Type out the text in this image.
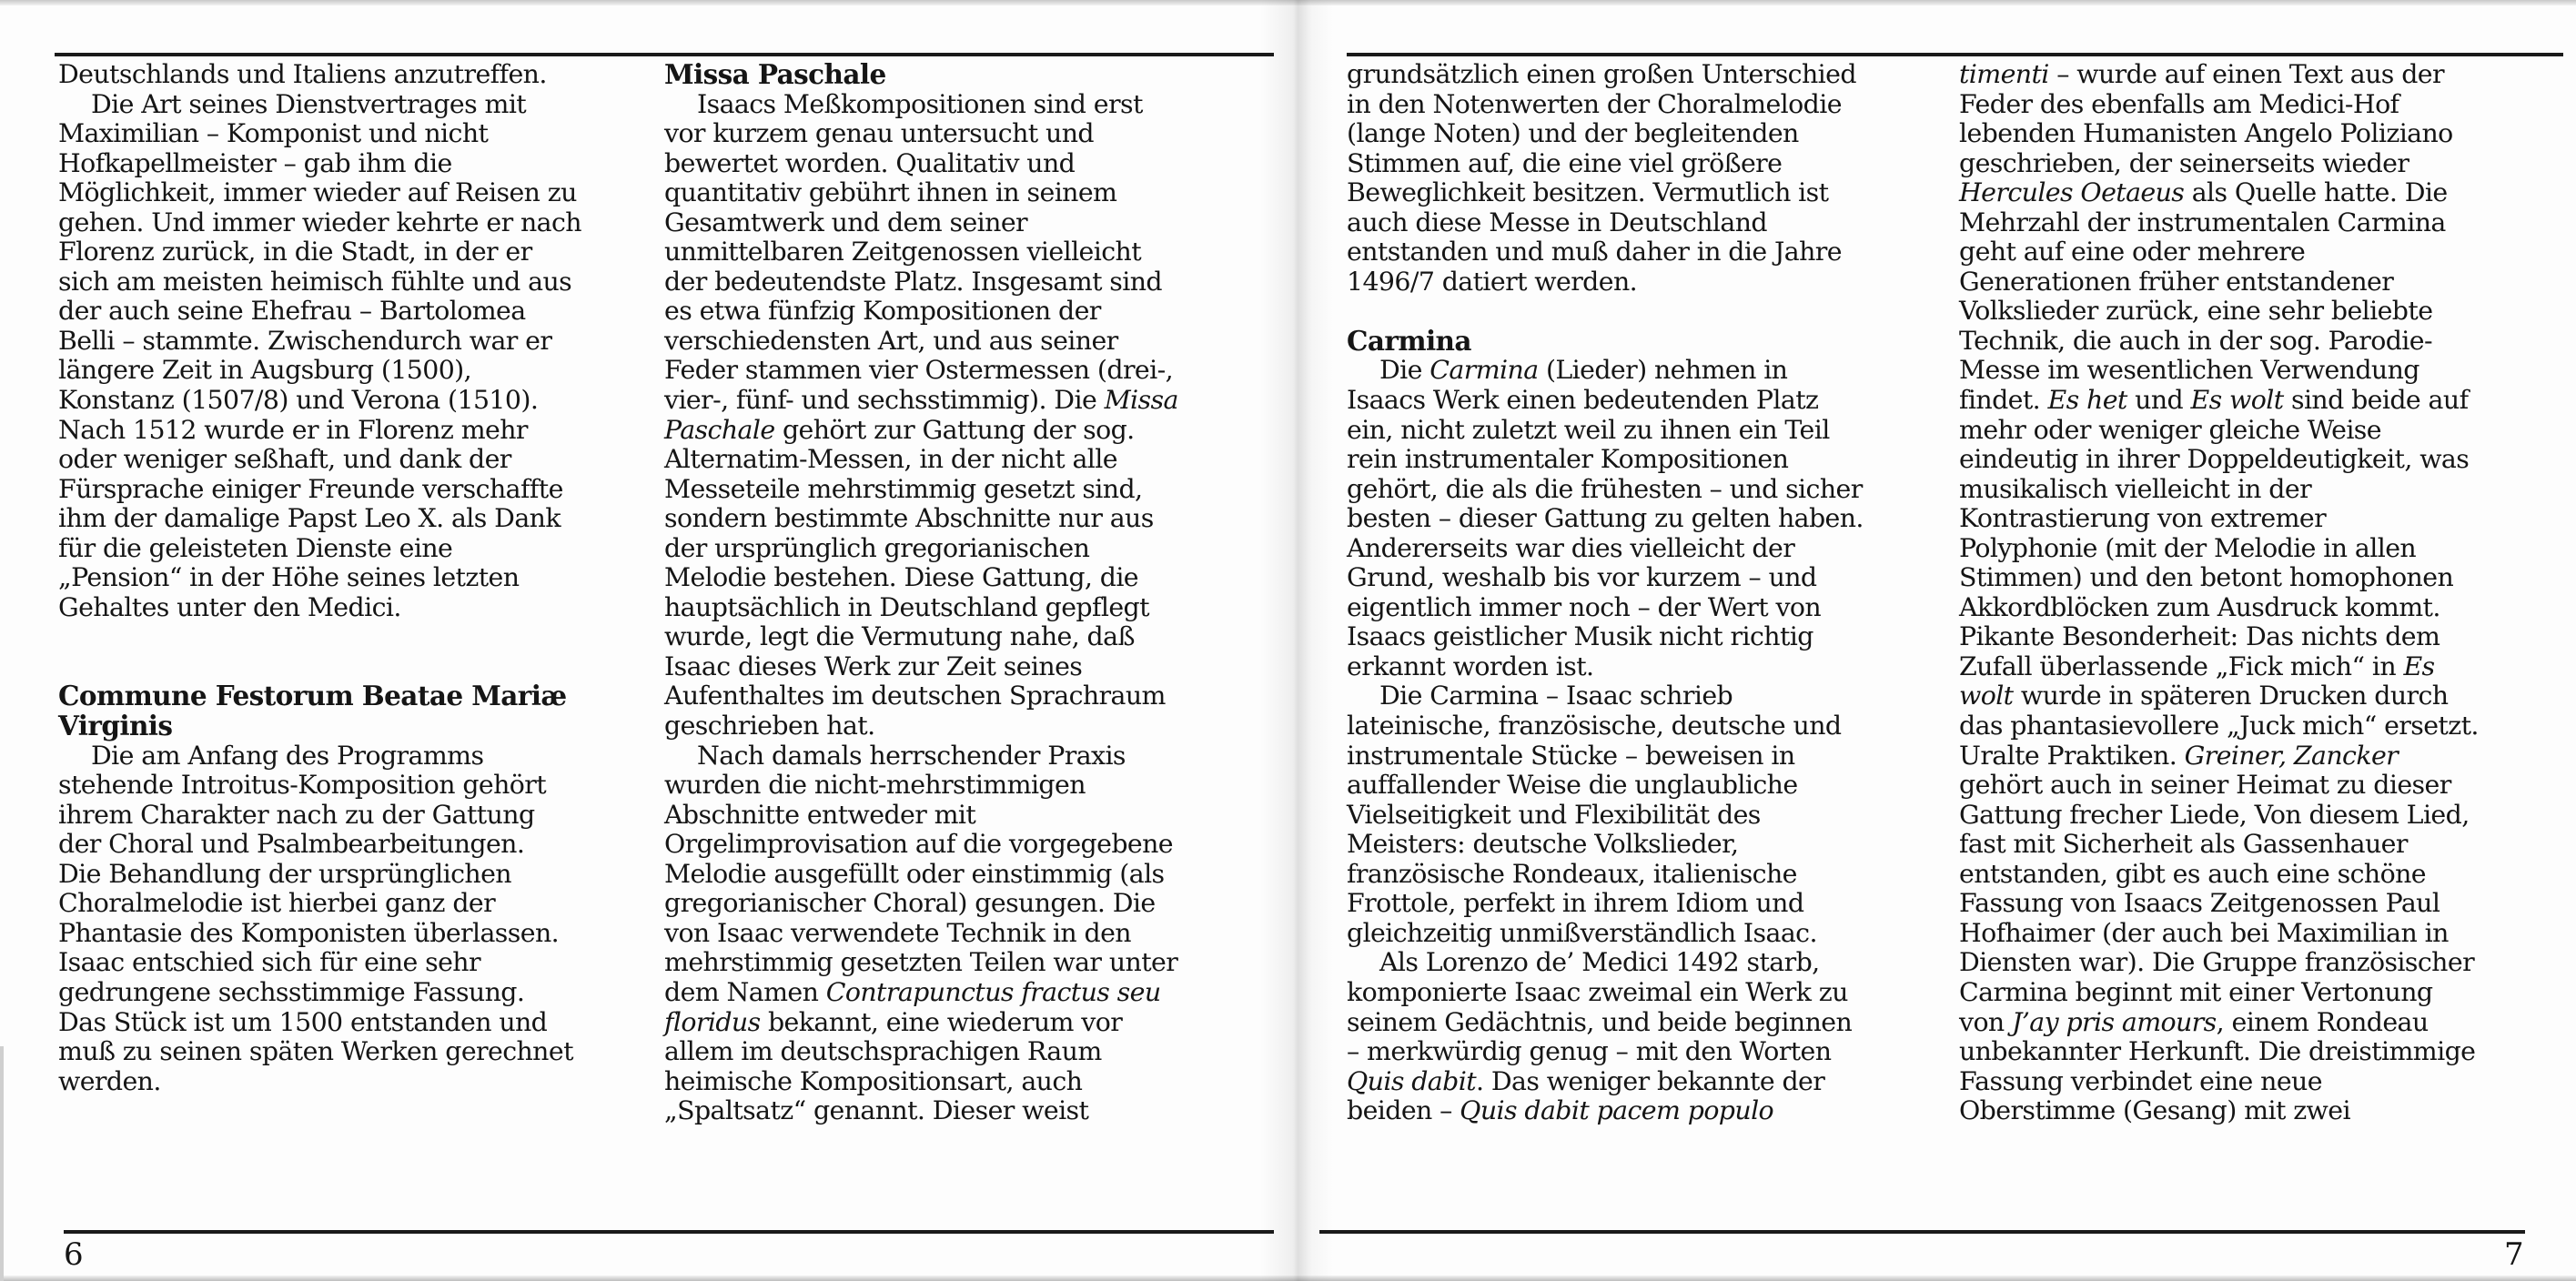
Deutschlands und Italiens anzutreffen.
Die Art seines Dienstvertrages mit
Maximilian – Komponist und nicht
Hofkapellmeister – gab ihm die
Möglichkeit, immer wieder auf Reisen zu
gehen. Und immer wieder kehrte er nach
Florenz zurück, in die Stadt, in der er
sich am meisten heimisch fühlte und aus
der auch seine Ehefrau – Bartolomea
Belli – stammte. Zwischendurch war er
längere Zeit in Augsburg (1500),
Konstanz (1507/8) und Verona (1510).
Nach 1512 wurde er in Florenz mehr
oder weniger seßhaft, und dank der
Fürsprache einiger Freunde verschaffte
ihm der damalige Papst Leo X. als Dank
für die geleisteten Dienste eine
„Pension“ in der Höhe seines letzten
Gehaltes unter den Medici.
Commune Festorum Beatae Mariæ
Virginis
Die am Anfang des Programms
stehende Introitus-Komposition gehört
ihrem Charakter nach zu der Gattung
der Choral und Psalmbearbeitungen.
Die Behandlung der ursprünglichen
Choralmelodie ist hierbei ganz der
Phantasie des Komponisten überlassen.
Isaac entschied sich für eine sehr
gedrungene sechsstimmige Fassung.
Das Stück ist um 1500 entstanden und
muß zu seinen späten Werken gerechnet
werden.
Missa Paschale
Isaacs Meßkompositionen sind erst
vor kurzem genau untersucht und
bewertet worden. Qualitativ und
quantitativ gebührt ihnen in seinem
Gesamtwerk und dem seiner
unmittelbaren Zeitgenossen vielleicht
der bedeutendste Platz. Insgesamt sind
es etwa fünfzig Kompositionen der
verschiedensten Art, und aus seiner
Feder stammen vier Ostermessen (drei-,
vier-, fünf- und sechsstimmig). Die Missa
Paschale gehört zur Gattung der sog.
Alternatim-Messen, in der nicht alle
Messeteile mehrstimmig gesetzt sind,
sondern bestimmte Abschnitte nur aus
der ursprünglich gregorianischen
Melodie bestehen. Diese Gattung, die
hauptsächlich in Deutschland gepflegt
wurde, legt die Vermutung nahe, daß
Isaac dieses Werk zur Zeit seines
Aufenthaltes im deutschen Sprachraum
geschrieben hat.
Nach damals herrschender Praxis
wurden die nicht-mehrstimmigen
Abschnitte entweder mit
Orgelimprovisation auf die vorgegebene
Melodie ausgefüllt oder einstimmig (als
gregorianischer Choral) gesungen. Die
von Isaac verwendete Technik in den
mehrstimmig gesetzten Teilen war unter
dem Namen Contrapunctus fractus seu
floridus bekannt, eine wiederum vor
allem im deutschsprachigen Raum
heimische Kompositionsart, auch
„Spaltsatz“ genannt. Dieser weist
6
grundsätzlich einen großen Unterschied
in den Notenwerten der Choralmelodie
(lange Noten) und der begleitenden
Stimmen auf, die eine viel größere
Beweglichkeit besitzen. Vermutlich ist
auch diese Messe in Deutschland
entstanden und muß daher in die Jahre
1496/7 datiert werden.
Carmina
Die Carmina (Lieder) nehmen in
Isaacs Werk einen bedeutenden Platz
ein, nicht zuletzt weil zu ihnen ein Teil
rein instrumentaler Kompositionen
gehört, die als die frühesten – und sicher
besten – dieser Gattung zu gelten haben.
Andererseits war dies vielleicht der
Grund, weshalb bis vor kurzem – und
eigentlich immer noch – der Wert von
Isaacs geistlicher Musik nicht richtig
erkannt worden ist.
Die Carmina – Isaac schrieb
lateinische, französische, deutsche und
instrumentale Stücke – beweisen in
auffallender Weise die unglaubliche
Vielseitigkeit und Flexibilität des
Meisters: deutsche Volkslieder,
französische Rondeaux, italienische
Frottole, perfekt in ihrem Idiom und
gleichzeitig unmißverständlich Isaac.
Als Lorenzo de’ Medici 1492 starb,
komponierte Isaac zweimal ein Werk zu
seinem Gedächtnis, und beide beginnen
– merkwürdig genug – mit den Worten
Quis dabit. Das weniger bekannte der
beiden – Quis dabit pacem populo
timenti – wurde auf einen Text aus der
Feder des ebenfalls am Medici-Hof
lebenden Humanisten Angelo Poliziano
geschrieben, der seinerseits wieder
Hercules Oetaeus als Quelle hatte. Die
Mehrzahl der instrumentalen Carmina
geht auf eine oder mehrere
Generationen früher entstandener
Volkslieder zurück, eine sehr beliebte
Technik, die auch in der sog. Parodie-
Messe im wesentlichen Verwendung
findet. Es het und Es wolt sind beide auf
mehr oder weniger gleiche Weise
eindeutig in ihrer Doppeldeutigkeit, was
musikalisch vielleicht in der
Kontrastierung von extremer
Polyphonie (mit der Melodie in allen
Stimmen) und den betont homophonen
Akkordblöcken zum Ausdruck kommt.
Pikante Besonderheit: Das nichts dem
Zufall überlassende „Fick mich“ in Es
wolt wurde in späteren Drucken durch
das phantasievollere „Juck mich“ ersetzt.
Uralte Praktiken. Greiner, Zancker
gehört auch in seiner Heimat zu dieser
Gattung frecher Liede, Von diesem Lied,
fast mit Sicherheit als Gassenhauer
entstanden, gibt es auch eine schöne
Fassung von Isaacs Zeitgenossen Paul
Hofhaimer (der auch bei Maximilian in
Diensten war). Die Gruppe französischer
Carmina beginnt mit einer Vertonung
von J’ay pris amours, einem Rondeau
unbekannter Herkunft. Die dreistimmige
Fassung verbindet eine neue
Oberstimme (Gesang) mit zwei
7
